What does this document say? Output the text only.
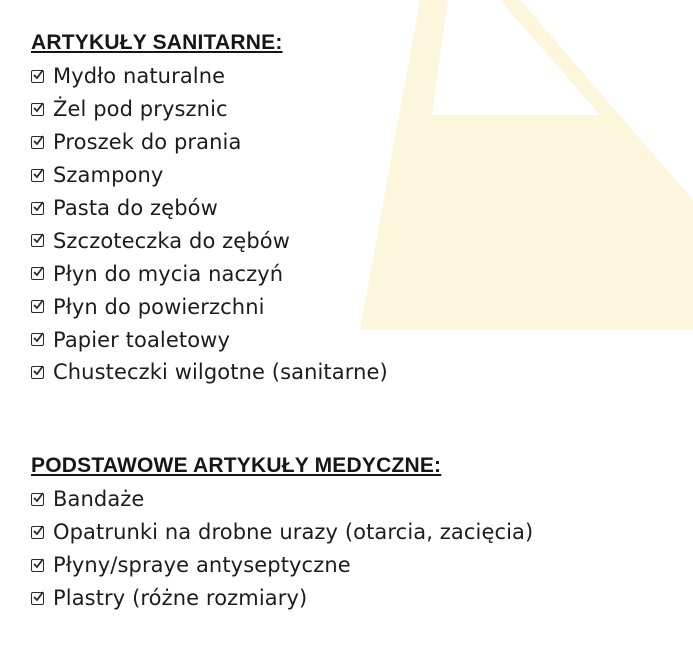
ARTYKUŁY SANITARNE:
Mydło naturalne
Żel pod prysznic
Proszek do prania
Szampony
Pasta do zębów
Szczoteczka do zębów
Płyn do mycia naczyń
Płyn do powierzchni
Papier toaletowy
Chusteczki wilgotne (sanitarne)
PODSTAWOWE ARTYKUŁY MEDYCZNE:
Bandaże
Opatrunki na drobne urazy (otarcia, zacięcia)
Płyny/spraye antyseptyczne
Plastry (różne rozmiary)
